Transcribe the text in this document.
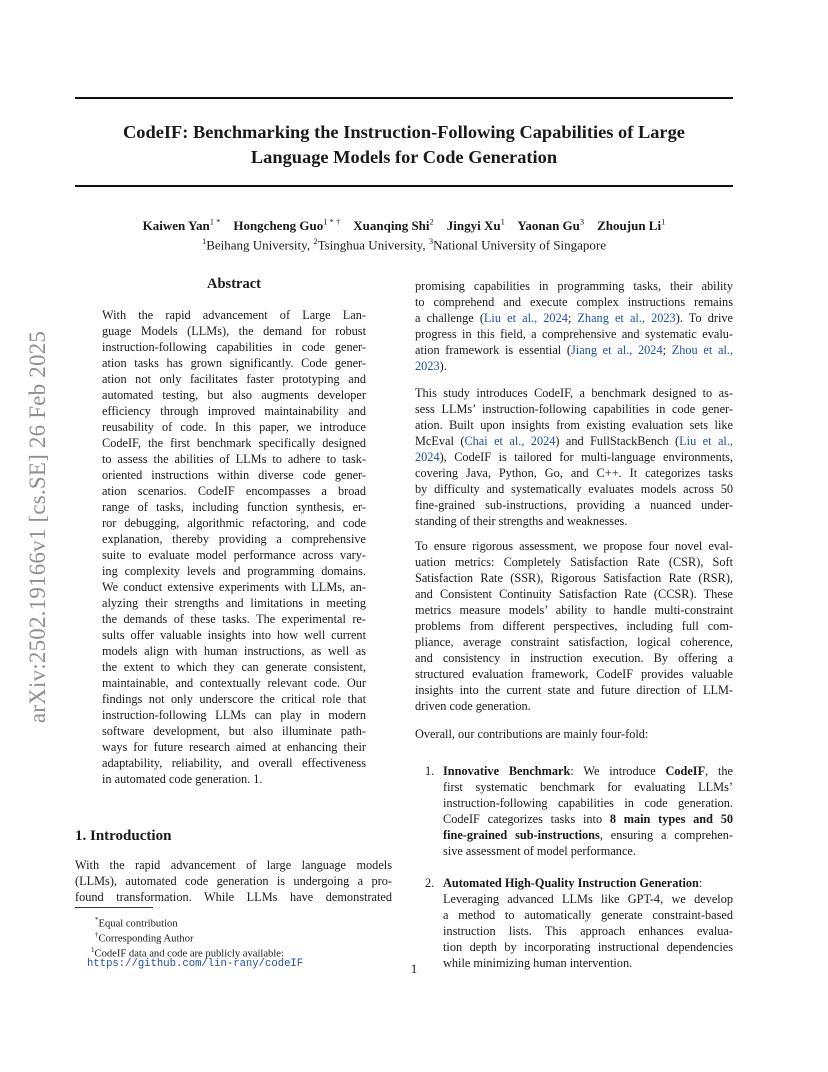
CodeIF: Benchmarking the Instruction-Following Capabilities of Large
Language Models for Code Generation
Kaiwen Yan$^{1 *}$ Hongcheng Guo$^{1 * \dagger}$ Xuanqing Shi$^2$ Jingyi Xu$^1$ Yaonan Gu$^3$ Zhoujun Li$^1$
$^1$Beihang University, $^2$Tsinghua University, $^3$National University of Singapore
arXiv:2502.19166v1 [cs.SE] 26 Feb 2025
Abstract
With the rapid advancement of Large Lan-
guage Models (LLMs), the demand for robust
instruction-following capabilities in code gener-
ation tasks has grown significantly. Code gener-
ation not only facilitates faster prototyping and
automated testing, but also augments developer
efficiency through improved maintainability and
reusability of code. In this paper, we introduce
CodeIF, the first benchmark specifically designed
to assess the abilities of LLMs to adhere to task-
oriented instructions within diverse code gener-
ation scenarios. CodeIF encompasses a broad
range of tasks, including function synthesis, er-
ror debugging, algorithmic refactoring, and code
explanation, thereby providing a comprehensive
suite to evaluate model performance across vary-
ing complexity levels and programming domains.
We conduct extensive experiments with LLMs, an-
alyzing their strengths and limitations in meeting
the demands of these tasks. The experimental re-
sults offer valuable insights into how well current
models align with human instructions, as well as
the extent to which they can generate consistent,
maintainable, and contextually relevant code. Our
findings not only underscore the critical role that
instruction-following LLMs can play in modern
software development, but also illuminate path-
ways for future research aimed at enhancing their
adaptability, reliability, and overall effectiveness
in automated code generation. 1.
1. Introduction
With the rapid advancement of large language models
(LLMs), automated code generation is undergoing a pro-
found transformation. While LLMs have demonstrated
*Equal contribution
†Corresponding Author
$^1$CodeIF data and code are publicly available:
https://github.com/lin-rany/codeIF	1
promising capabilities in programming tasks, their ability
to comprehend and execute complex instructions remains
a challenge (Liu et al., 2024; Zhang et al., 2023). To drive
progress in this field, a comprehensive and systematic evalu-
ation framework is essential (Jiang et al., 2024; Zhou et al.,
2023).
This study introduces CodeIF, a benchmark designed to as-
sess LLMs’ instruction-following capabilities in code gener-
ation. Built upon insights from existing evaluation sets like
McEval (Chai et al., 2024) and FullStackBench (Liu et al.,
2024), CodeIF is tailored for multi-language environments,
covering Java, Python, Go, and C++. It categorizes tasks
by difficulty and systematically evaluates models across 50
fine-grained sub-instructions, providing a nuanced under-
standing of their strengths and weaknesses.
To ensure rigorous assessment, we propose four novel eval-
uation metrics: Completely Satisfaction Rate (CSR), Soft
Satisfaction Rate (SSR), Rigorous Satisfaction Rate (RSR),
and Consistent Continuity Satisfaction Rate (CCSR). These
metrics measure models’ ability to handle multi-constraint
problems from different perspectives, including full com-
pliance, average constraint satisfaction, logical coherence,
and consistency in instruction execution. By offering a
structured evaluation framework, CodeIF provides valuable
insights into the current state and future direction of LLM-
driven code generation.
Overall, our contributions are mainly four-fold:
1. Innovative Benchmark: We introduce CodeIF, the
first systematic benchmark for evaluating LLMs’
instruction-following capabilities in code generation.
CodeIF categorizes tasks into 8 main types and 50
fine-grained sub-instructions, ensuring a comprehen-
sive assessment of model performance.
2. Automated High-Quality Instruction Generation:
Leveraging advanced LLMs like GPT-4, we develop
a method to automatically generate constraint-based
instruction lists. This approach enhances evalua-
tion depth by incorporating instructional dependencies
while minimizing human intervention.
